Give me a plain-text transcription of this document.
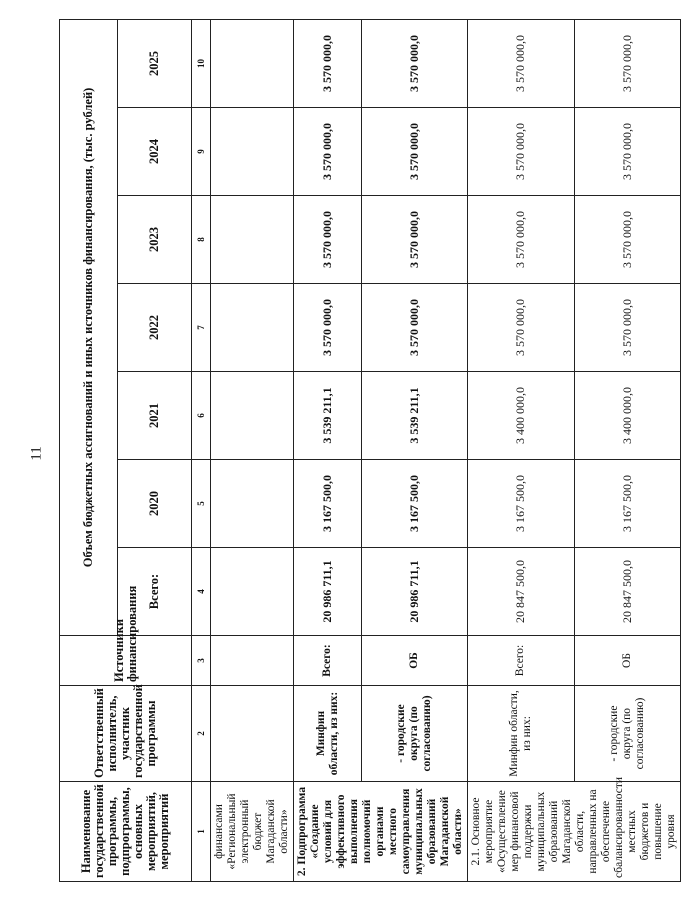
11
Наименование государственной программы, подпрограммы, основных мероприятий, мероприятий	Ответственный исполнитель, участник государственной программы	Источники финансирования	Объем бюджетных ассигнований и иных источников финансирования, (тыс. рублей)						
			Всего:	2020	2021	2022	2023	2024	2025
1	2	3	4	5	6	7	8	9	10
финансами «Региональный электронный бюджет Магаданской области»									
2. Подпрограмма «Создание условий для эффективного выполнения полномочий органами местного самоуправления муниципальных образований Магаданской области»	Минфин области, из них:	Всего:	20 986 711,1	3 167 500,0	3 539 211,1	3 570 000,0	3 570 000,0	3 570 000,0	3 570 000,0
	- городские округа (по согласованию)	ОБ	20 986 711,1	3 167 500,0	3 539 211,1	3 570 000,0	3 570 000,0	3 570 000,0	3 570 000,0
2.1. Основное мероприятие «Осуществление мер финансовой поддержки муниципальных образований Магаданской области, направленных на обеспечение сбалансированности местных бюджетов и повышение уровня	Минфин области, из них:	Всего:	20 847 500,0	3 167 500,0	3 400 000,0	3 570 000,0	3 570 000,0	3 570 000,0	3 570 000,0
	- городские округа (по согласованию)	ОБ	20 847 500,0	3 167 500,0	3 400 000,0	3 570 000,0	3 570 000,0	3 570 000,0	3 570 000,0
